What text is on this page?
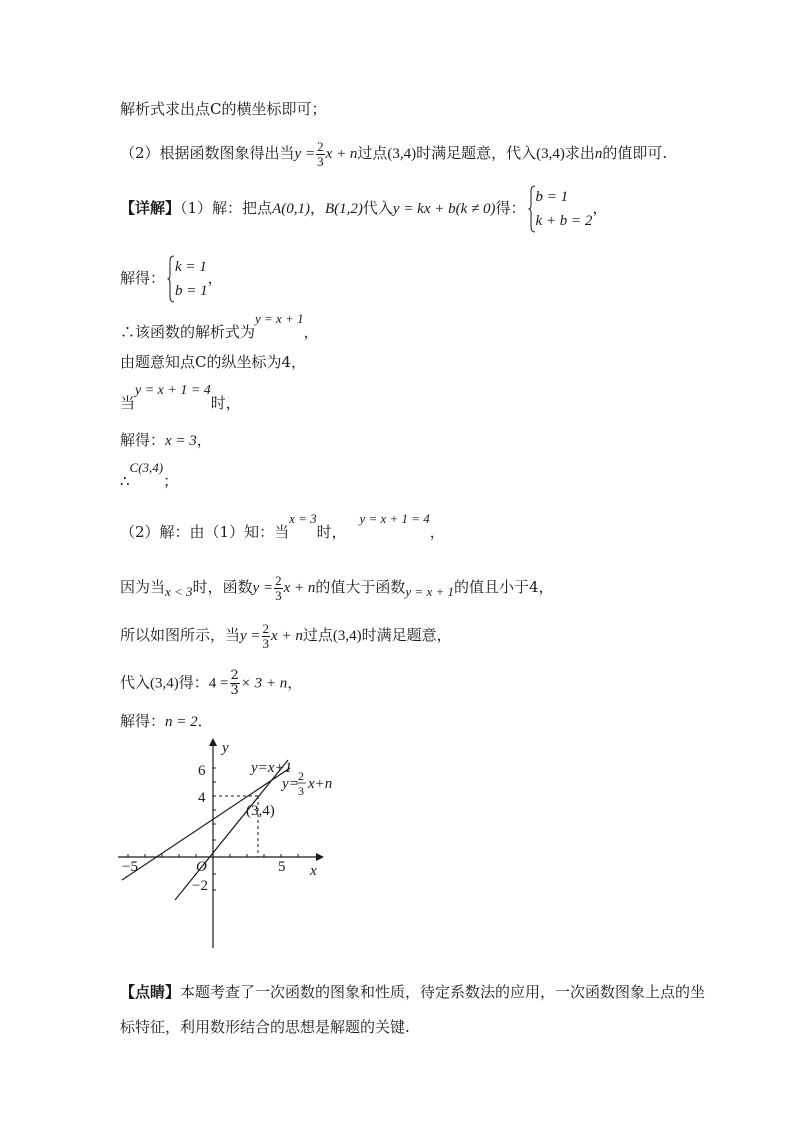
解析式求出点C的横坐标即可；
（2）根据函数图象得出当$y = \frac{2}{3}$ x + n过点(3,4)时满足题意，代入(3,4)求出n的值即可.
【详解】（1）解：把点A(0,1)，B(1,2)代入y = kx + b(k ≠ 0)得：
b = 1
k + b = 2
，
解得：
k = 1
b = 1
，
∴该函数的解析式为y = x + 1，
由题意知点C的纵坐标为4，
当y = x + 1 = 4时，
解得：x = 3，
∴C(3,4)；
（2）解：由（1）知：当x = 3时， y = x + 1 = 4，
因为当x < 3时，函数$y = \frac{2}{3}$ x + n的值大于函数y = x + 1的值且小于4，
所以如图所示，当$y = \frac{2}{3}$ x + n过点(3,4)时满足题意，
代入(3,4)得：$4 = \frac{2}{3} \times 3 + n$，
解得：n = 2．
y
x
O
6
4
−2
−5	5
y=x+1
y= 2
3 x+n
(3,4)
【点睛】本题考查了一次函数的图象和性质，待定系数法的应用，一次函数图象上点的坐
标特征，利用数形结合的思想是解题的关键.
